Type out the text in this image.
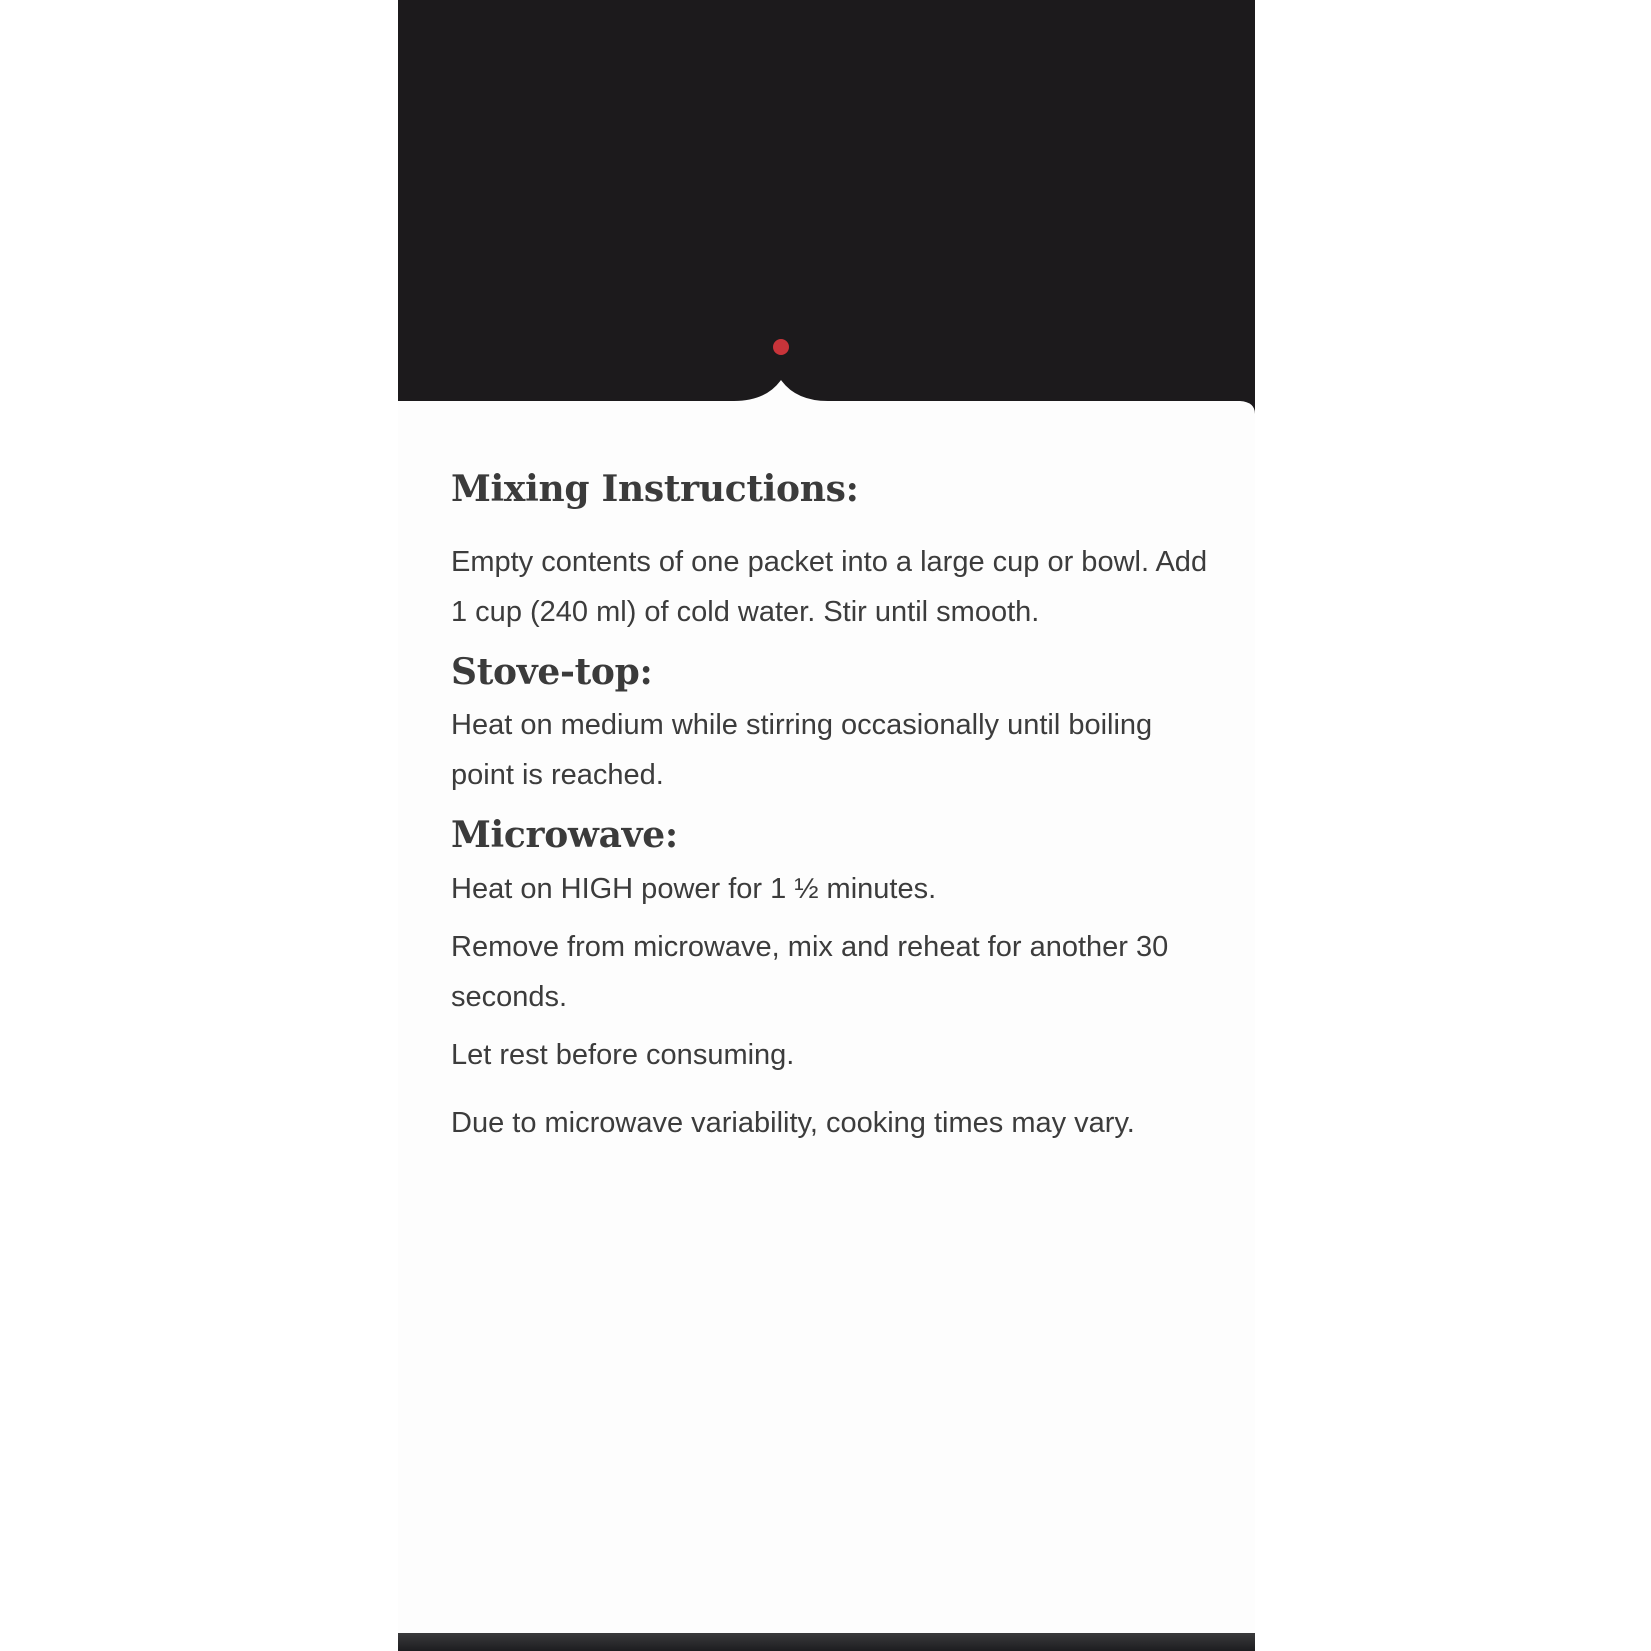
Mixing Instructions:

Empty contents of one packet into a large cup or bowl. Add 1 cup (240 ml) of cold water. Stir until smooth.

Stove-top:

Heat on medium while stirring occasionally until boiling point is reached.

Microwave:

Heat on HIGH power for 1 ½ minutes.

Remove from microwave, mix and reheat for another 30 seconds.

Let rest before consuming.

Due to microwave variability, cooking times may vary.
